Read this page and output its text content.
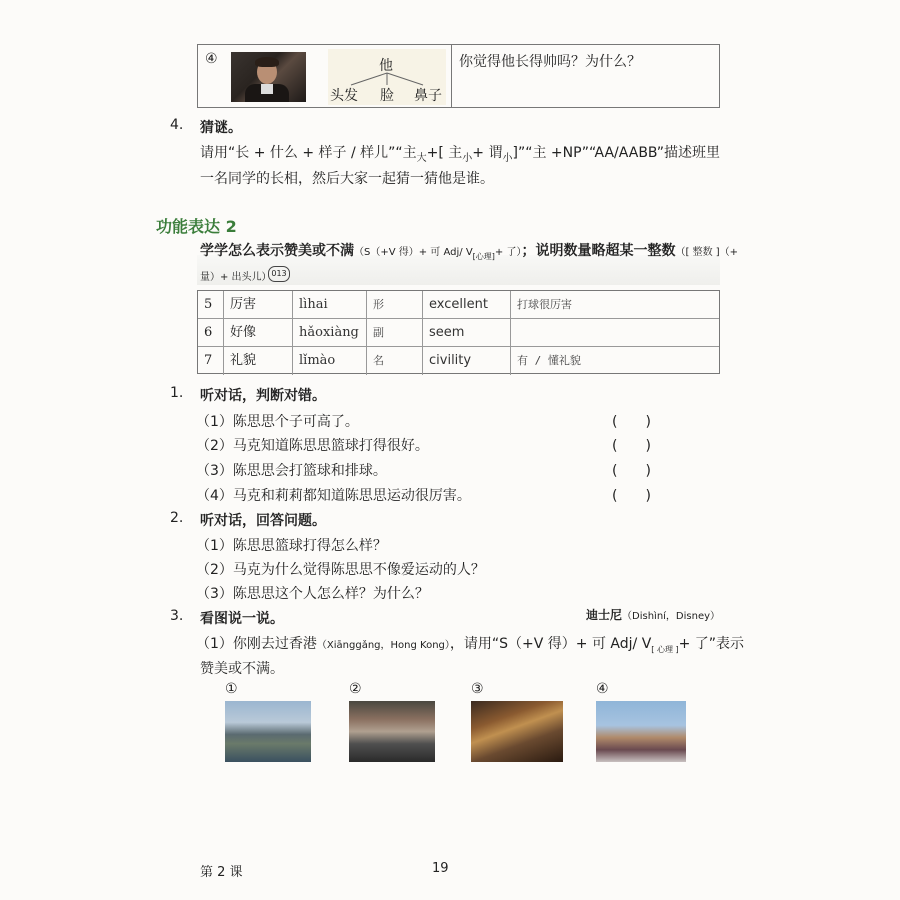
④	他
头发 脸 鼻子
你觉得他长得帅吗？为什么？
4. 猜谜。
请用“长 + 什么 + 样子 / 样儿”“主$_大$+[ 主$_小$+ 谓$_小$]”“主 +NP”“AA/AABB”描述班里
一名同学的长相，然后大家一起猜一猜他是谁。
功能表达 2
学学怎么表示赞美或不满（S（+V 得）+ 可 Adj/ $V_{[心理]}+$ 了）；说明数量略超某一整数（[ 整数 ]（+
量）+ 出头儿） 013
5	厉害	lìhai	形	excellent	打球很厉害
6	好像	hǎoxiàng	副	seem
7	礼貌	lǐmào	名	civility	有 / 懂礼貌
1. 听对话，判断对错。
（1）陈思思个子可高了。	(　　)
（2）马克知道陈思思篮球打得很好。	(　　)
（3）陈思思会打篮球和排球。	(　　)
（4）马克和莉莉都知道陈思思运动很厉害。	(　　)
2. 听对话，回答问题。
（1）陈思思篮球打得怎么样？
（2）马克为什么觉得陈思思不像爱运动的人？
（3）陈思思这个人怎么样？为什么？
3. 看图说一说。	迪士尼（Dishìní，Disney）
（1）你刚去过香港（Xiānggǎng，Hong Kong），请用“S（+V 得）+ 可 Adj/ $V_{[ 心理 ]}+$ 了”表示
赞美或不满。
①	②	③	④
第 2 课	19
